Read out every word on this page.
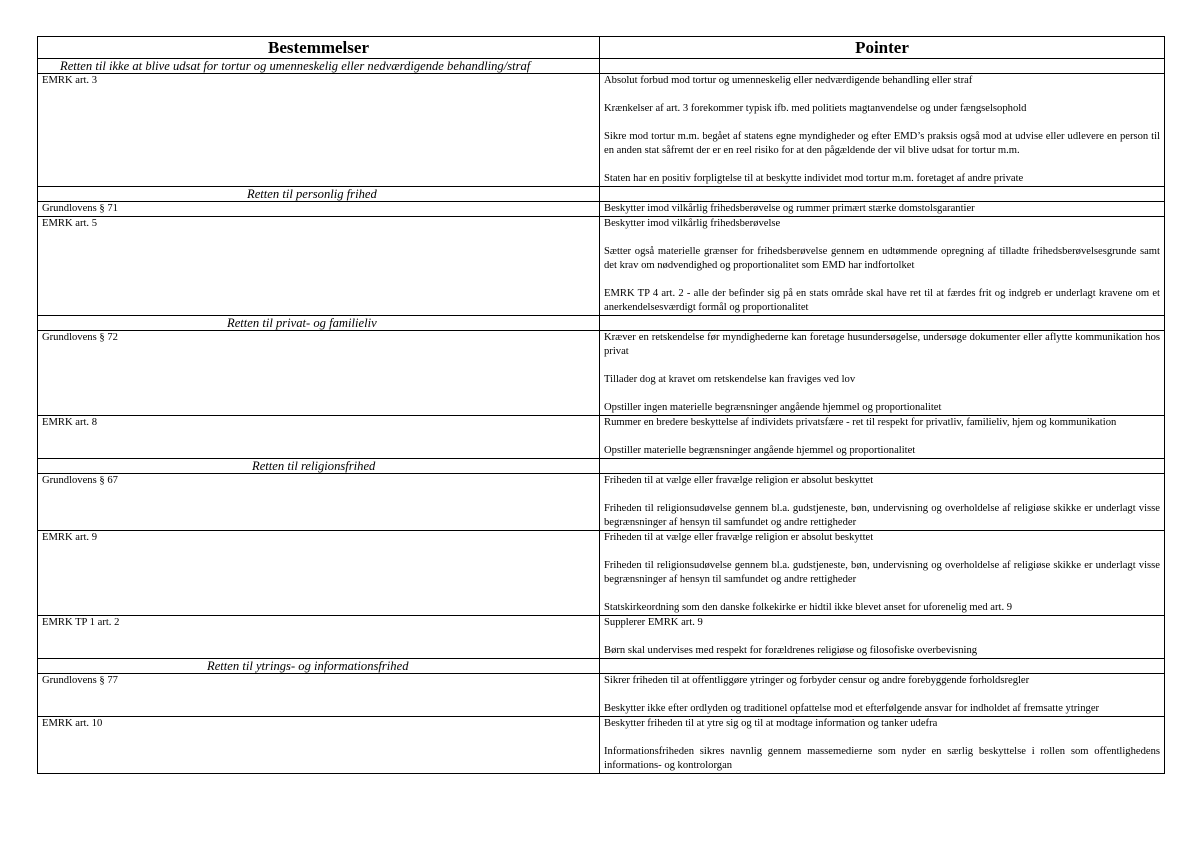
Bestemmelser	Pointer
Retten til ikke at blive udsat for tortur og umenneskelig eller nedværdigende behandling/straf	
EMRK art. 3	Absolut forbud mod tortur og umenneskelig eller nedværdigende behandling eller straf

Krænkelser af art. 3 forekommer typisk ifb. med politiets magtanvendelse og under fængselsophold

Sikre mod tortur m.m. begået af statens egne myndigheder og efter EMD’s praksis også mod at udvise eller udlevere en person til en anden stat såfremt der er en reel risiko for at den pågældende der vil blive udsat for tortur m.m.

Staten har en positiv forpligtelse til at beskytte individet mod tortur m.m. foretaget af andre private

Retten til personlig frihed	
Grundlovens § 71	Beskytter imod vilkårlig frihedsberøvelse og rummer primært stærke domstolsgarantier

EMRK art. 5	Beskytter imod vilkårlig frihedsberøvelse

Sætter også materielle grænser for frihedsberøvelse gennem en udtømmende opregning af tilladte frihedsberøvelsesgrunde samt det krav om nødvendighed og proportionalitet som EMD har indfortolket

EMRK TP 4 art. 2 - alle der befinder sig på en stats område skal have ret til at færdes frit og indgreb er underlagt kravene om et anerkendelsesværdigt formål og proportionalitet

Retten til privat- og familieliv	
Grundlovens § 72	Kræver en retskendelse før myndighederne kan foretage husundersøgelse, undersøge dokumenter eller aflytte kommunikation hos privat

Tillader dog at kravet om retskendelse kan fraviges ved lov

Opstiller ingen materielle begrænsninger angående hjemmel og proportionalitet

EMRK art. 8	Rummer en bredere beskyttelse af individets privatsfære - ret til respekt for privatliv, familieliv, hjem og kommunikation

Opstiller materielle begrænsninger angående hjemmel og proportionalitet

Retten til religionsfrihed	
Grundlovens § 67	Friheden til at vælge eller fravælge religion er absolut beskyttet

Friheden til religionsudøvelse gennem bl.a. gudstjeneste, bøn, undervisning og overholdelse af religiøse skikke er underlagt visse begrænsninger af hensyn til samfundet og andre rettigheder

EMRK art. 9	Friheden til at vælge eller fravælge religion er absolut beskyttet

Friheden til religionsudøvelse gennem bl.a. gudstjeneste, bøn, undervisning og overholdelse af religiøse skikke er underlagt visse begrænsninger af hensyn til samfundet og andre rettigheder

Statskirkeordning som den danske folkekirke er hidtil ikke blevet anset for uforenelig med art. 9

EMRK TP 1 art. 2	Supplerer EMRK art. 9

Børn skal undervises med respekt for forældrenes religiøse og filosofiske overbevisning

Retten til ytrings- og informationsfrihed	
Grundlovens § 77	Sikrer friheden til at offentliggøre ytringer og forbyder censur og andre forebyggende forholdsregler

Beskytter ikke efter ordlyden og traditionel opfattelse mod et efterfølgende ansvar for indholdet af fremsatte ytringer

EMRK art. 10	Beskytter friheden til at ytre sig og til at modtage information og tanker udefra

Informationsfriheden sikres navnlig gennem massemedierne som nyder en særlig beskyttelse i rollen som offentlighedens informations- og kontrolorgan
